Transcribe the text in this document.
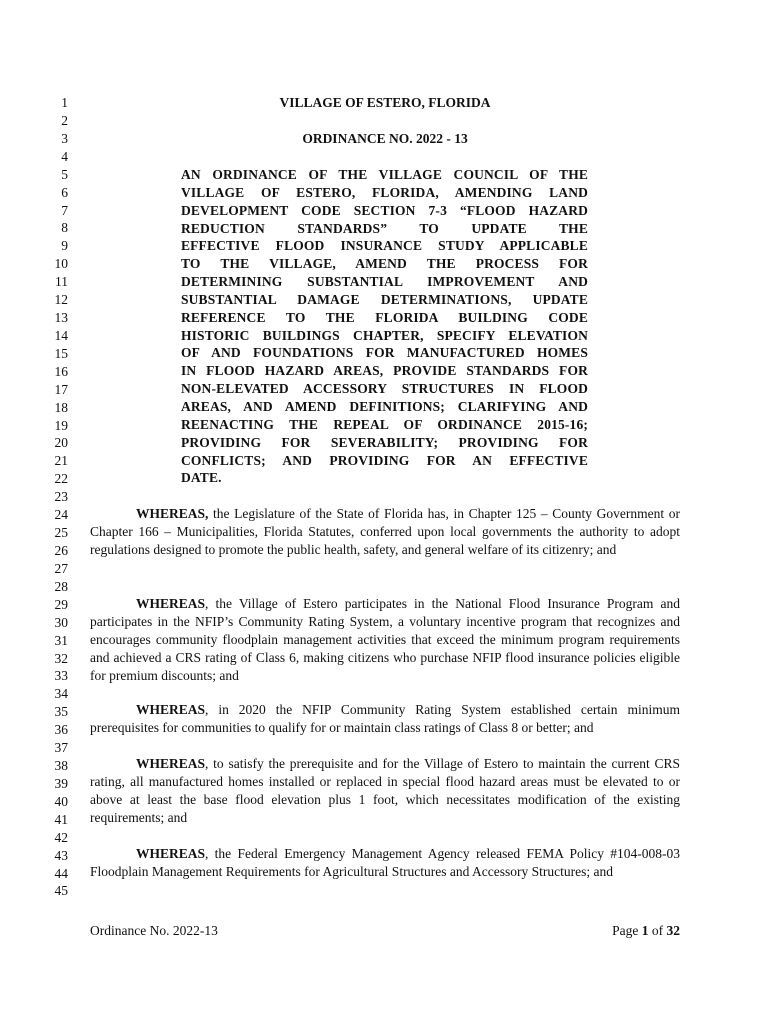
1
2
3
4
5
6
7
8
9
10
11
12
13
14
15
16
17
18
19
20
21
22
23
24
25
26
27
28
29
30
31
32
33
34
35
36
37
38
39
40
41
42
43
44
45
VILLAGE OF ESTERO, FLORIDA
ORDINANCE NO. 2022 - 13
AN ORDINANCE OF THE VILLAGE COUNCIL OF THE
VILLAGE OF ESTERO, FLORIDA, AMENDING LAND
DEVELOPMENT CODE SECTION 7-3 “FLOOD HAZARD
REDUCTION STANDARDS” TO UPDATE THE
EFFECTIVE FLOOD INSURANCE STUDY APPLICABLE
TO THE VILLAGE, AMEND THE PROCESS FOR
DETERMINING SUBSTANTIAL IMPROVEMENT AND
SUBSTANTIAL DAMAGE DETERMINATIONS, UPDATE
REFERENCE TO THE FLORIDA BUILDING CODE
HISTORIC BUILDINGS CHAPTER, SPECIFY ELEVATION
OF AND FOUNDATIONS FOR MANUFACTURED HOMES
IN FLOOD HAZARD AREAS, PROVIDE STANDARDS FOR
NON-ELEVATED ACCESSORY STRUCTURES IN FLOOD
AREAS, AND AMEND DEFINITIONS; CLARIFYING AND
REENACTING THE REPEAL OF ORDINANCE 2015-16;
PROVIDING FOR SEVERABILITY; PROVIDING FOR
CONFLICTS; AND PROVIDING FOR AN EFFECTIVE
DATE.
WHEREAS, the Legislature of the State of Florida has, in Chapter 125 – County Government or Chapter 166 – Municipalities, Florida Statutes, conferred upon local governments the authority to adopt regulations designed to promote the public health, safety, and general welfare of its citizenry; and
WHEREAS, the Village of Estero participates in the National Flood Insurance Program and participates in the NFIP’s Community Rating System, a voluntary incentive program that recognizes and encourages community floodplain management activities that exceed the minimum program requirements and achieved a CRS rating of Class 6, making citizens who purchase NFIP flood insurance policies eligible for premium discounts; and
WHEREAS, in 2020 the NFIP Community Rating System established certain minimum prerequisites for communities to qualify for or maintain class ratings of Class 8 or better; and
WHEREAS, to satisfy the prerequisite and for the Village of Estero to maintain the current CRS rating, all manufactured homes installed or replaced in special flood hazard areas must be elevated to or above at least the base flood elevation plus 1 foot, which necessitates modification of the existing requirements; and
WHEREAS, the Federal Emergency Management Agency released FEMA Policy #104-008-03 Floodplain Management Requirements for Agricultural Structures and Accessory Structures; and
Ordinance No. 2022-13	Page 1 of 32
